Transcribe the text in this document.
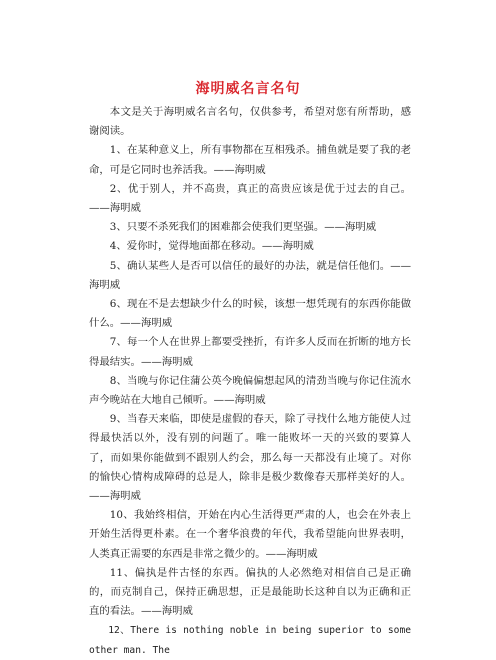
海明威名言名句

本文是关于海明威名言名句，仅供参考，希望对您有所帮助，感谢阅读。

1、在某种意义上，所有事物都在互相残杀。捕鱼就是要了我的老命，可是它同时也养活我。——海明威

2、优于别人，并不高贵，真正的高贵应该是优于过去的自己。——海明威

3、只要不杀死我们的困难都会使我们更坚强。——海明威

4、爱你时，觉得地面都在移动。——海明威

5、确认某些人是否可以信任的最好的办法，就是信任他们。——海明威

6、现在不是去想缺少什么的时候，该想一想凭现有的东西你能做什么。——海明威

7、每一个人在世界上都要受挫折，有许多人反而在折断的地方长得最结实。——海明威

8、当晚与你记住蒲公英今晚偏偏想起风的清劲当晚与你记住流水声今晚站在大地自己倾听。——海明威

9、当春天来临，即使是虚假的春天，除了寻找什么地方能使人过得最快活以外，没有别的问题了。唯一能败坏一天的兴致的要算人了，而如果你能做到不跟别人约会，那么每一天都没有止境了。对你的愉快心情构成障碍的总是人，除非是极少数像春天那样美好的人。——海明威

10、我始终相信，开始在内心生活得更严肃的人，也会在外表上开始生活得更朴素。在一个奢华浪费的年代，我希望能向世界表明，人类真正需要的东西是非常之微少的。——海明威

11、偏执是件古怪的东西。偏执的人必然绝对相信自己是正确的，而克制自己，保持正确思想，正是最能助长这种自以为正确和正直的看法。——海明威

12、There is nothing noble in being superior to some other man. The
